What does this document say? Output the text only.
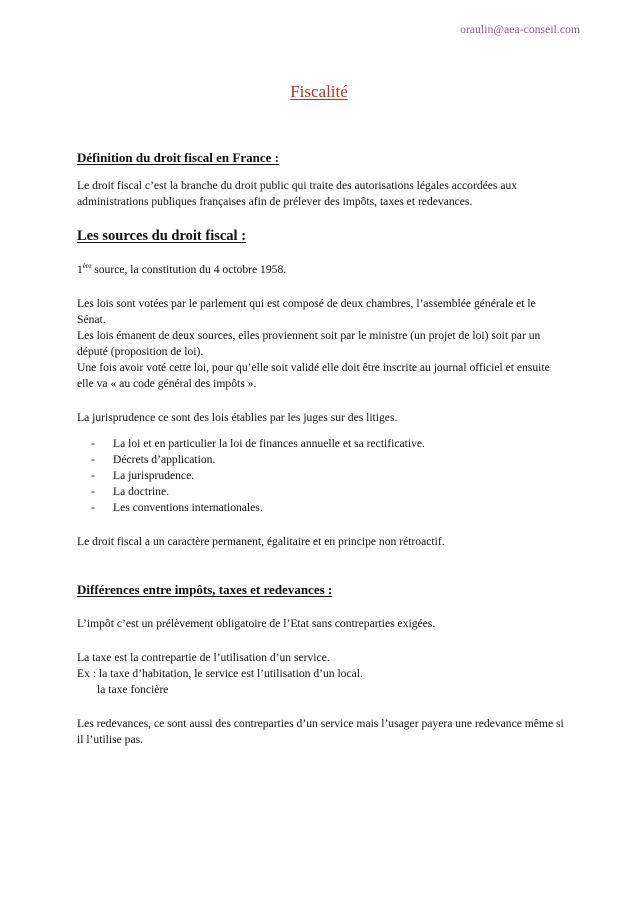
oraulin@aea-conseil.com
Fiscalité
Définition du droit fiscal en France :

Le droit fiscal c’est la branche du droit public qui traite des autorisations légales accordées aux administrations publiques françaises afin de prélever des impôts, taxes et redevances.

Les sources du droit fiscal :

1ère source, la constitution du 4 octobre 1958.

Les lois sont votées par le parlement qui est composé de deux chambres, l’assemblée générale et le Sénat.

Les lois émanent de deux sources, elles proviennent soit par le ministre (un projet de loi) soit par un député (proposition de loi).

Une fois avoir voté cette loi, pour qu’elle soit validé elle doit être inscrite au journal officiel et ensuite elle va « au code général des impôts ».

La jurisprudence ce sont des lois établies par les juges sur des litiges.

- La loi et en particulier la loi de finances annuelle et sa rectificative.
- Décrets d’application.
- La jurisprudence.
- La doctrine.
- Les conventions internationales.

Le droit fiscal a un caractère permanent, égalitaire et en principe non rétroactif.

Différences entre impôts, taxes et redevances :

L’impôt c’est un prélèvement obligatoire de l’Etat sans contreparties exigées.

La taxe est la contrepartie de l’utilisation d’un service.

Ex : la taxe d’habitation, le service est l’utilisation d’un local.

la taxe foncière

Les redevances, ce sont aussi des contreparties d’un service mais l’usager payera une redevance même si il l’utilise pas.
